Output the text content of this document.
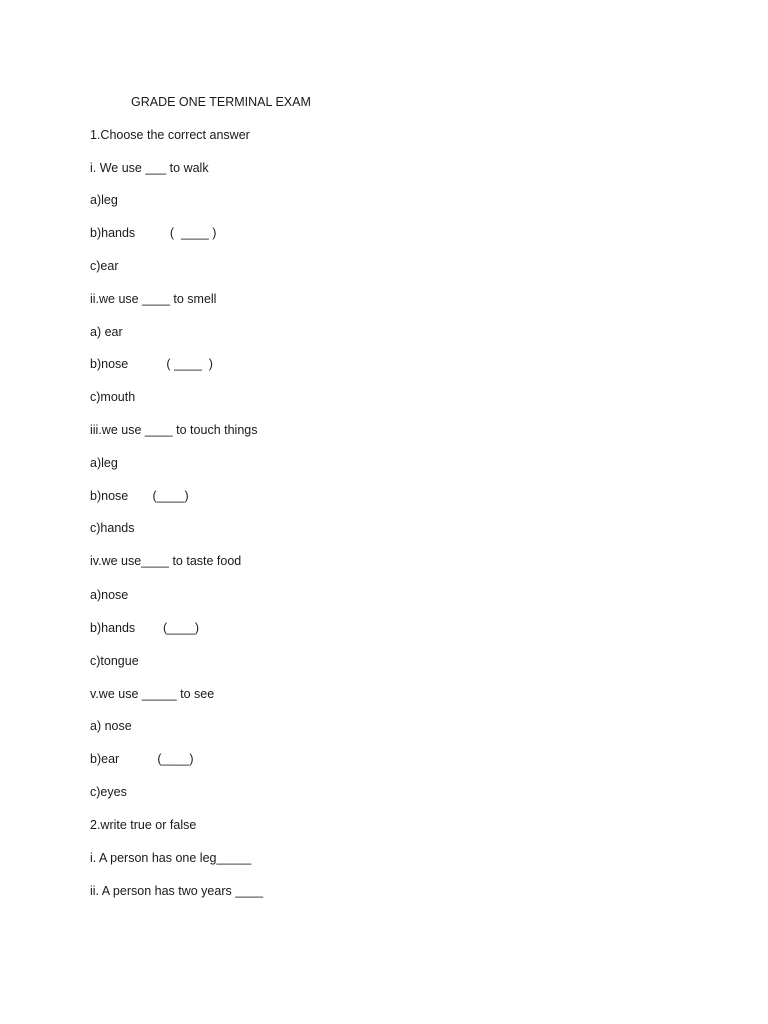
GRADE ONE TERMINAL EXAM
1.Choose the correct answer
i. We use ___ to walk
a)leg
b)hands          (  ____ )
c)ear
ii.we use ____ to smell
a) ear
b)nose           ( ____  )
c)mouth
iii.we use ____ to touch things
a)leg
b)nose       (____)
c)hands
iv.we use____ to taste food
a)nose
b)hands        (____)
c)tongue
v.we use _____ to see
a) nose
b)ear           (____)
c)eyes
2.write true or false
i. A person has one leg_____
ii. A person has two years ____
